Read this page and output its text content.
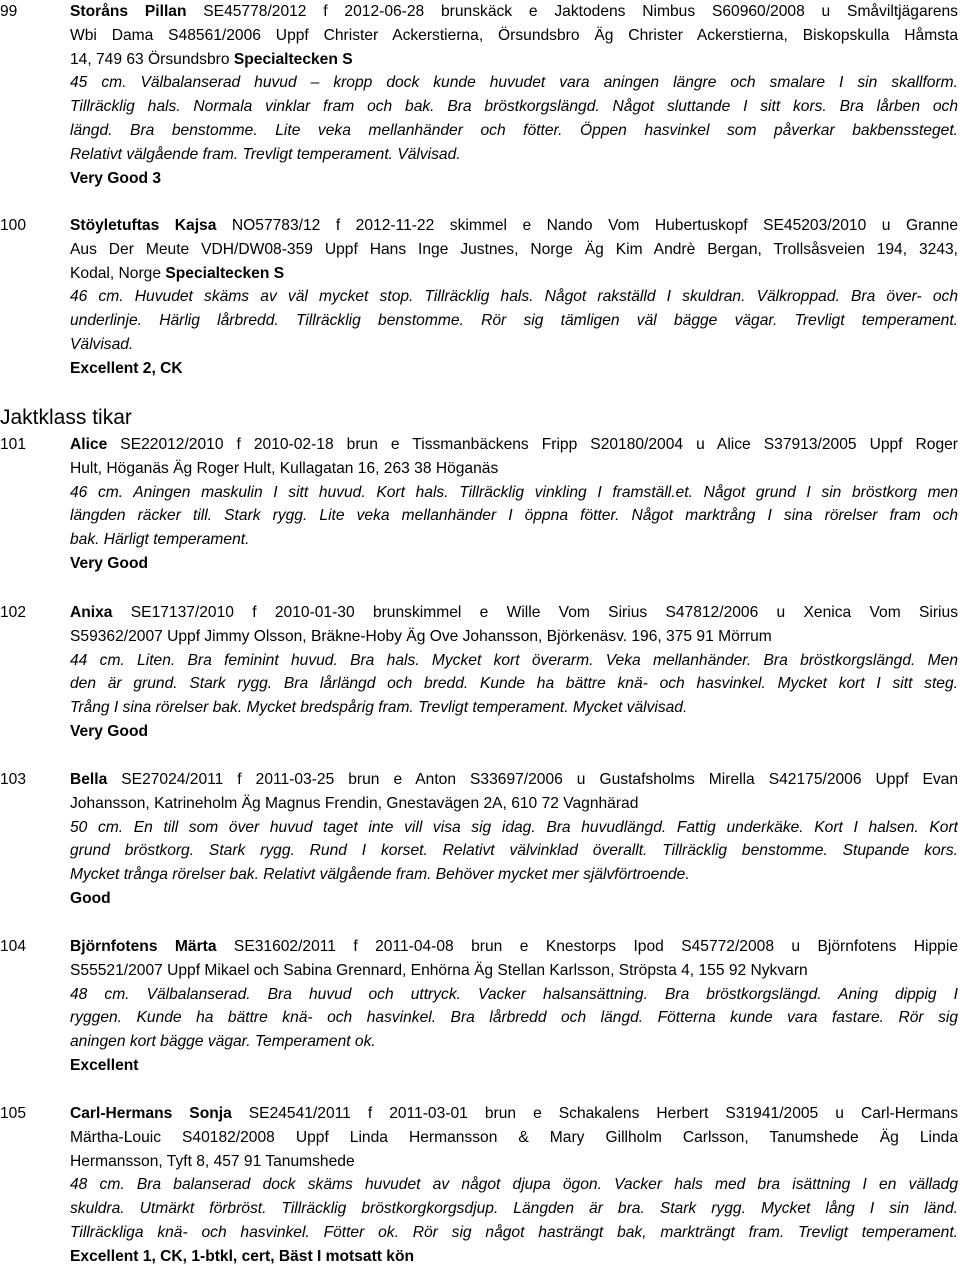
99	Storåns Pillan SE45778/2012 f 2012-06-28 brunskäck e Jaktodens Nimbus S60960/2008 u Småviltjägarens
Wbi Dama S48561/2006 Uppf Christer Ackerstierna, Örsundsbro Äg Christer Ackerstierna, Biskopskulla Håmsta
14, 749 63 Örsundsbro Specialtecken S
45 cm. Välbalanserad huvud – kropp dock kunde huvudet vara aningen längre och smalare I sin skallform.
Tillräcklig hals. Normala vinklar fram och bak. Bra bröstkorgslängd. Något sluttande I sitt kors. Bra lårben och
längd. Bra benstomme. Lite veka mellanhänder och fötter. Öppen hasvinkel som påverkar bakbenssteget.
Relativt välgående fram. Trevligt temperament. Välvisad.
Very Good 3
100	Stöyletuftas Kajsa NO57783/12 f 2012-11-22 skimmel e Nando Vom Hubertuskopf SE45203/2010 u Granne
Aus Der Meute VDH/DW08-359 Uppf Hans Inge Justnes, Norge Äg Kim Andrè Bergan, Trollsåsveien 194, 3243,
Kodal, Norge Specialtecken S
46 cm. Huvudet skäms av väl mycket stop. Tillräcklig hals. Något rakställd I skuldran. Välkroppad. Bra över- och
underlinje. Härlig lårbredd. Tillräcklig benstomme. Rör sig tämligen väl bägge vägar. Trevligt temperament.
Välvisad.
Excellent 2, CK
Jaktklass tikar
101	Alice SE22012/2010 f 2010-02-18 brun e Tissmanbäckens Fripp S20180/2004 u Alice S37913/2005 Uppf Roger
Hult, Höganäs Äg Roger Hult, Kullagatan 16, 263 38 Höganäs
46 cm. Aningen maskulin I sitt huvud. Kort hals. Tillräcklig vinkling I framställ.et. Något grund I sin bröstkorg men
längden räcker till. Stark rygg. Lite veka mellanhänder I öppna fötter. Något marktrång I sina rörelser fram och
bak. Härligt temperament.
Very Good
102	Anixa SE17137/2010 f 2010-01-30 brunskimmel e Wille Vom Sirius S47812/2006 u Xenica Vom Sirius
S59362/2007 Uppf Jimmy Olsson, Bräkne-Hoby Äg Ove Johansson, Björkenäsv. 196, 375 91 Mörrum
44 cm. Liten. Bra feminint huvud. Bra hals. Mycket kort överarm. Veka mellanhänder. Bra bröstkorgslängd. Men
den är grund. Stark rygg. Bra lårlängd och bredd. Kunde ha bättre knä- och hasvinkel. Mycket kort I sitt steg.
Trång I sina rörelser bak. Mycket bredspårig fram. Trevligt temperament. Mycket välvisad.
Very Good
103	Bella SE27024/2011 f 2011-03-25 brun e Anton S33697/2006 u Gustafsholms Mirella S42175/2006 Uppf Evan
Johansson, Katrineholm Äg Magnus Frendin, Gnestavägen 2A, 610 72 Vagnhärad
50 cm. En till som över huvud taget inte vill visa sig idag. Bra huvudlängd. Fattig underkäke. Kort I halsen. Kort
grund bröstkorg. Stark rygg. Rund I korset. Relativt välvinklad överallt. Tillräcklig benstomme. Stupande kors.
Mycket trånga rörelser bak. Relativt välgående fram. Behöver mycket mer självförtroende.
Good
104	Björnfotens Märta SE31602/2011 f 2011-04-08 brun e Knestorps Ipod S45772/2008 u Björnfotens Hippie
S55521/2007 Uppf Mikael och Sabina Grennard, Enhörna Äg Stellan Karlsson, Ströpsta 4, 155 92 Nykvarn
48 cm. Välbalanserad. Bra huvud och uttryck. Vacker halsansättning. Bra bröstkorgslängd. Aning dippig I
ryggen. Kunde ha bättre knä- och hasvinkel. Bra lårbredd och längd. Fötterna kunde vara fastare. Rör sig
aningen kort bägge vägar. Temperament ok.
Excellent
105	Carl-Hermans Sonja SE24541/2011 f 2011-03-01 brun e Schakalens Herbert S31941/2005 u Carl-Hermans
Märtha-Louic S40182/2008 Uppf Linda Hermansson & Mary Gillholm Carlsson, Tanumshede Äg Linda
Hermansson, Tyft 8, 457 91 Tanumshede
48 cm. Bra balanserad dock skäms huvudet av något djupa ögon. Vacker hals med bra isättning I en välladg
skuldra. Utmärkt förbröst. Tillräcklig bröstkorgkorgsdjup. Längden är bra. Stark rygg. Mycket lång I sin länd.
Tillräckliga knä- och hasvinkel. Fötter ok. Rör sig något hasträngt bak, markträngt fram. Trevligt temperament.
Excellent 1, CK, 1-btkl, cert, Bäst I motsatt kön
